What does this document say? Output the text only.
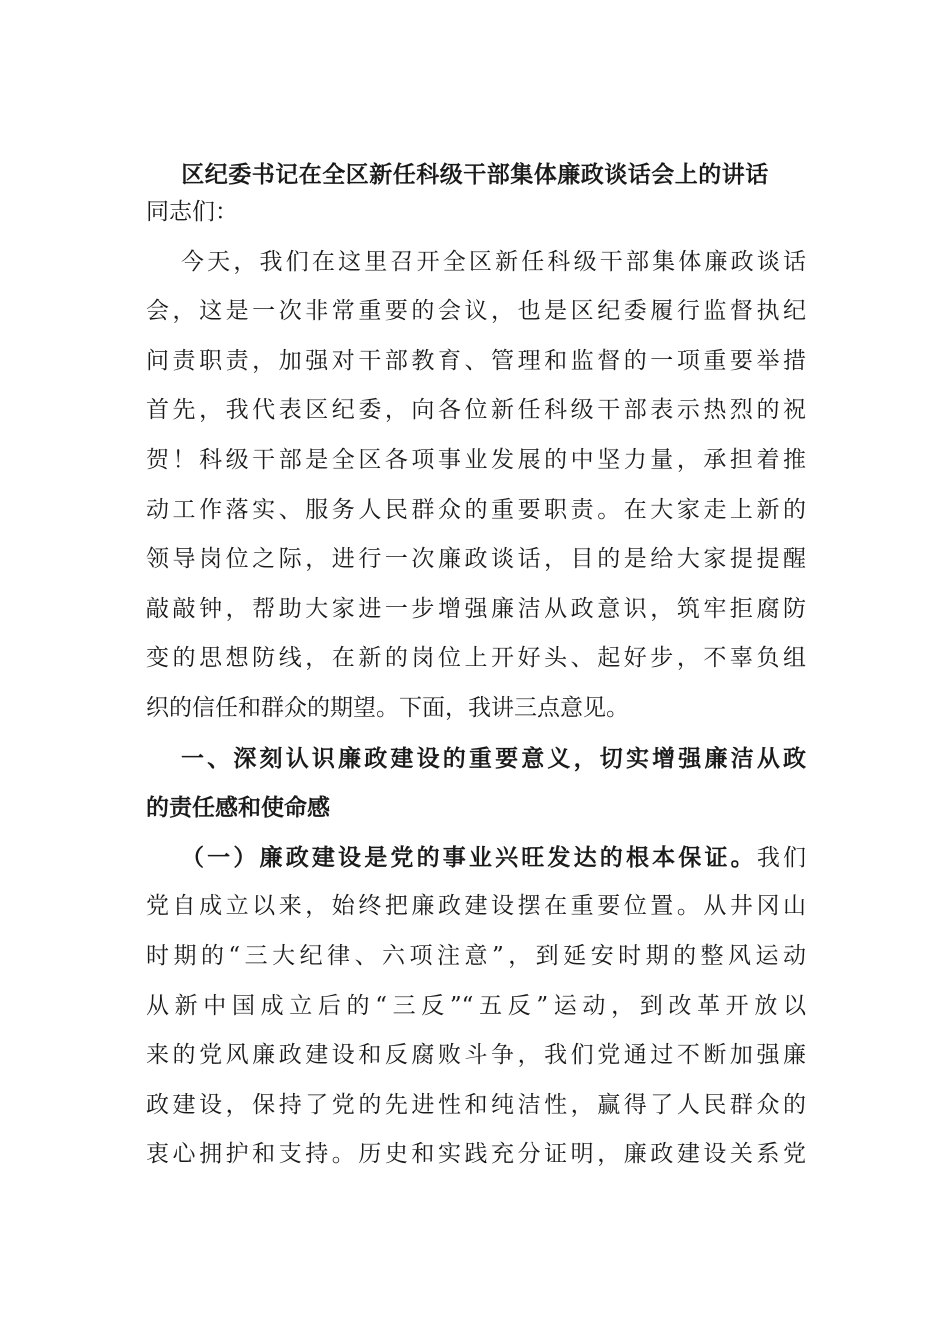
区纪委书记在全区新任科级干部集体廉政谈话会上的讲话
同志们：
今天，我们在这里召开全区新任科级干部集体廉政谈话
会，这是一次非常重要的会议，也是区纪委履行监督执纪
问责职责，加强对干部教育、管理和监督的一项重要举措
首先，我代表区纪委，向各位新任科级干部表示热烈的祝
贺！科级干部是全区各项事业发展的中坚力量，承担着推
动工作落实、服务人民群众的重要职责。在大家走上新的
领导岗位之际，进行一次廉政谈话，目的是给大家提提醒
敲敲钟，帮助大家进一步增强廉洁从政意识，筑牢拒腐防
变的思想防线，在新的岗位上开好头、起好步，不辜负组
织的信任和群众的期望。下面，我讲三点意见。
一、深刻认识廉政建设的重要意义，切实增强廉洁从政
的责任感和使命感
（一）廉政建设是党的事业兴旺发达的根本保证。我们
党自成立以来，始终把廉政建设摆在重要位置。从井冈山
时期的“三大纪律、六项注意”，到延安时期的整风运动
从新中国成立后的“三反”“五反”运动，到改革开放以
来的党风廉政建设和反腐败斗争，我们党通过不断加强廉
政建设，保持了党的先进性和纯洁性，赢得了人民群众的
衷心拥护和支持。历史和实践充分证明，廉政建设关系党
